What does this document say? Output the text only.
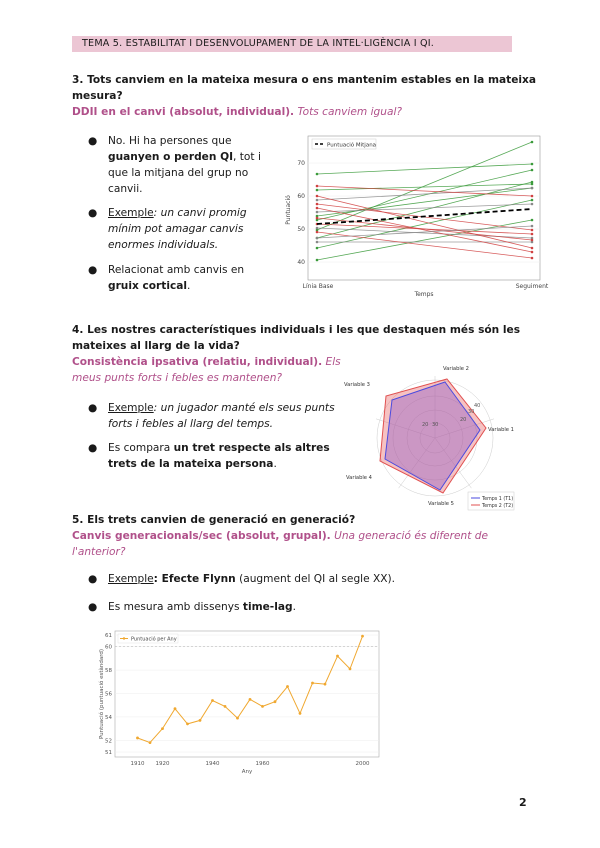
TEMA 5. ESTABILITAT I DESENVOLUPAMENT DE LA INTEL·LIGÈNCIA I QI.
3. Tots canviem en la mateixa mesura o ens mantenim estables en la mateixa
mesura?
DDII en el canvi (absolut, individual). Tots canviem igual?
● No. Hi ha persones que
guanyen o perden QI, tot i
que la mitjana del grup no
canvii.
● Exemple: un canvi promig
mínim pot amagar canvis
enormes individuals.
● Relacionat amb canvis en
gruix cortical.
Puntuació Mitjana
70
60
50
40
Puntuació
Línia Base	Seguiment
Temps
4. Les nostres característiques individuals i les que destaquen més són les
mateixes al llarg de la vida?
Consistència ipsativa (relatiu, individual). Els
meus punts forts i febles es mantenen?
● Exemple: un jugador manté els seus punts
forts i febles al llarg del temps.
● Es compara un tret respecte als altres
trets de la mateixa persona.
20
30
40
20 30
Variable 2
Variable 1
Variable 4
Variable 3
Variable 5
Temps 1 (T1)
Temps 2 (T2)
5. Els trets canvien de generació en generació?
Canvis generacionals/sec (absolut, grupal). Una generació és diferent de
l'anterior?
● Exemple: Efecte Flynn (augment del QI al segle XX).
● Es mesura amb dissenys time-lag.
61
60
58
56
54
52
51
1910 1920	1940	1960	2000
Puntuació per Any
Puntuació (puntuació estàndard)
Any
2
